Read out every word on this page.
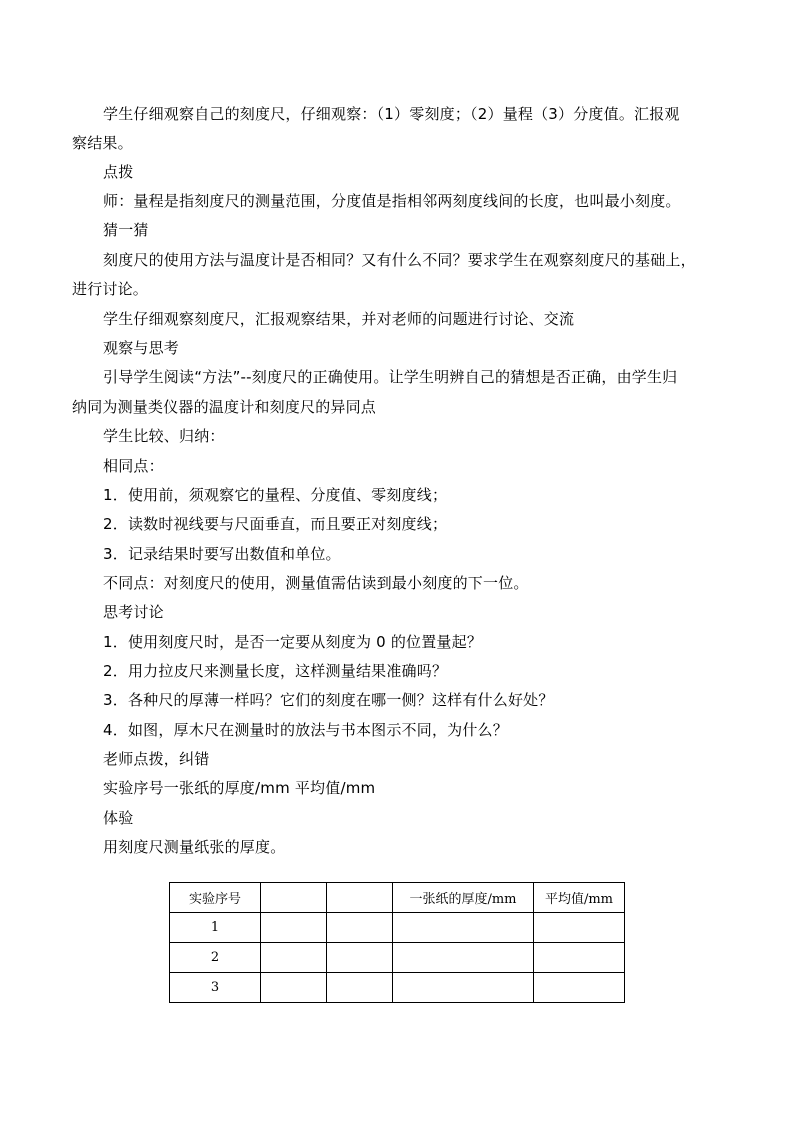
学生仔细观察自己的刻度尺，仔细观察：（1）零刻度；（2）量程（3）分度值。汇报观
察结果。
点拨
师：量程是指刻度尺的测量范围，分度值是指相邻两刻度线间的长度，也叫最小刻度。
猜一猜
刻度尺的使用方法与温度计是否相同？又有什么不同？要求学生在观察刻度尺的基础上，
进行讨论。
学生仔细观察刻度尺，汇报观察结果，并对老师的问题进行讨论、交流
观察与思考
引导学生阅读“方法”--刻度尺的正确使用。让学生明辨自己的猜想是否正确，由学生归
纳同为测量类仪器的温度计和刻度尺的异同点
学生比较、归纳：
相同点：
1．使用前，须观察它的量程、分度值、零刻度线；
2．读数时视线要与尺面垂直，而且要正对刻度线；
3．记录结果时要写出数值和单位。
不同点：对刻度尺的使用，测量值需估读到最小刻度的下一位。
思考讨论
1．使用刻度尺时，是否一定要从刻度为 0 的位置量起？
2．用力拉皮尺来测量长度，这样测量结果准确吗？
3．各种尺的厚薄一样吗？它们的刻度在哪一侧？这样有什么好处？
4．如图，厚木尺在测量时的放法与书本图示不同，为什么？
老师点拨，纠错
实验序号一张纸的厚度/mm 平均值/mm
体验
用刻度尺测量纸张的厚度。
实验序号			一张纸的厚度/mm	平均值/mm
1				
2				
3				
